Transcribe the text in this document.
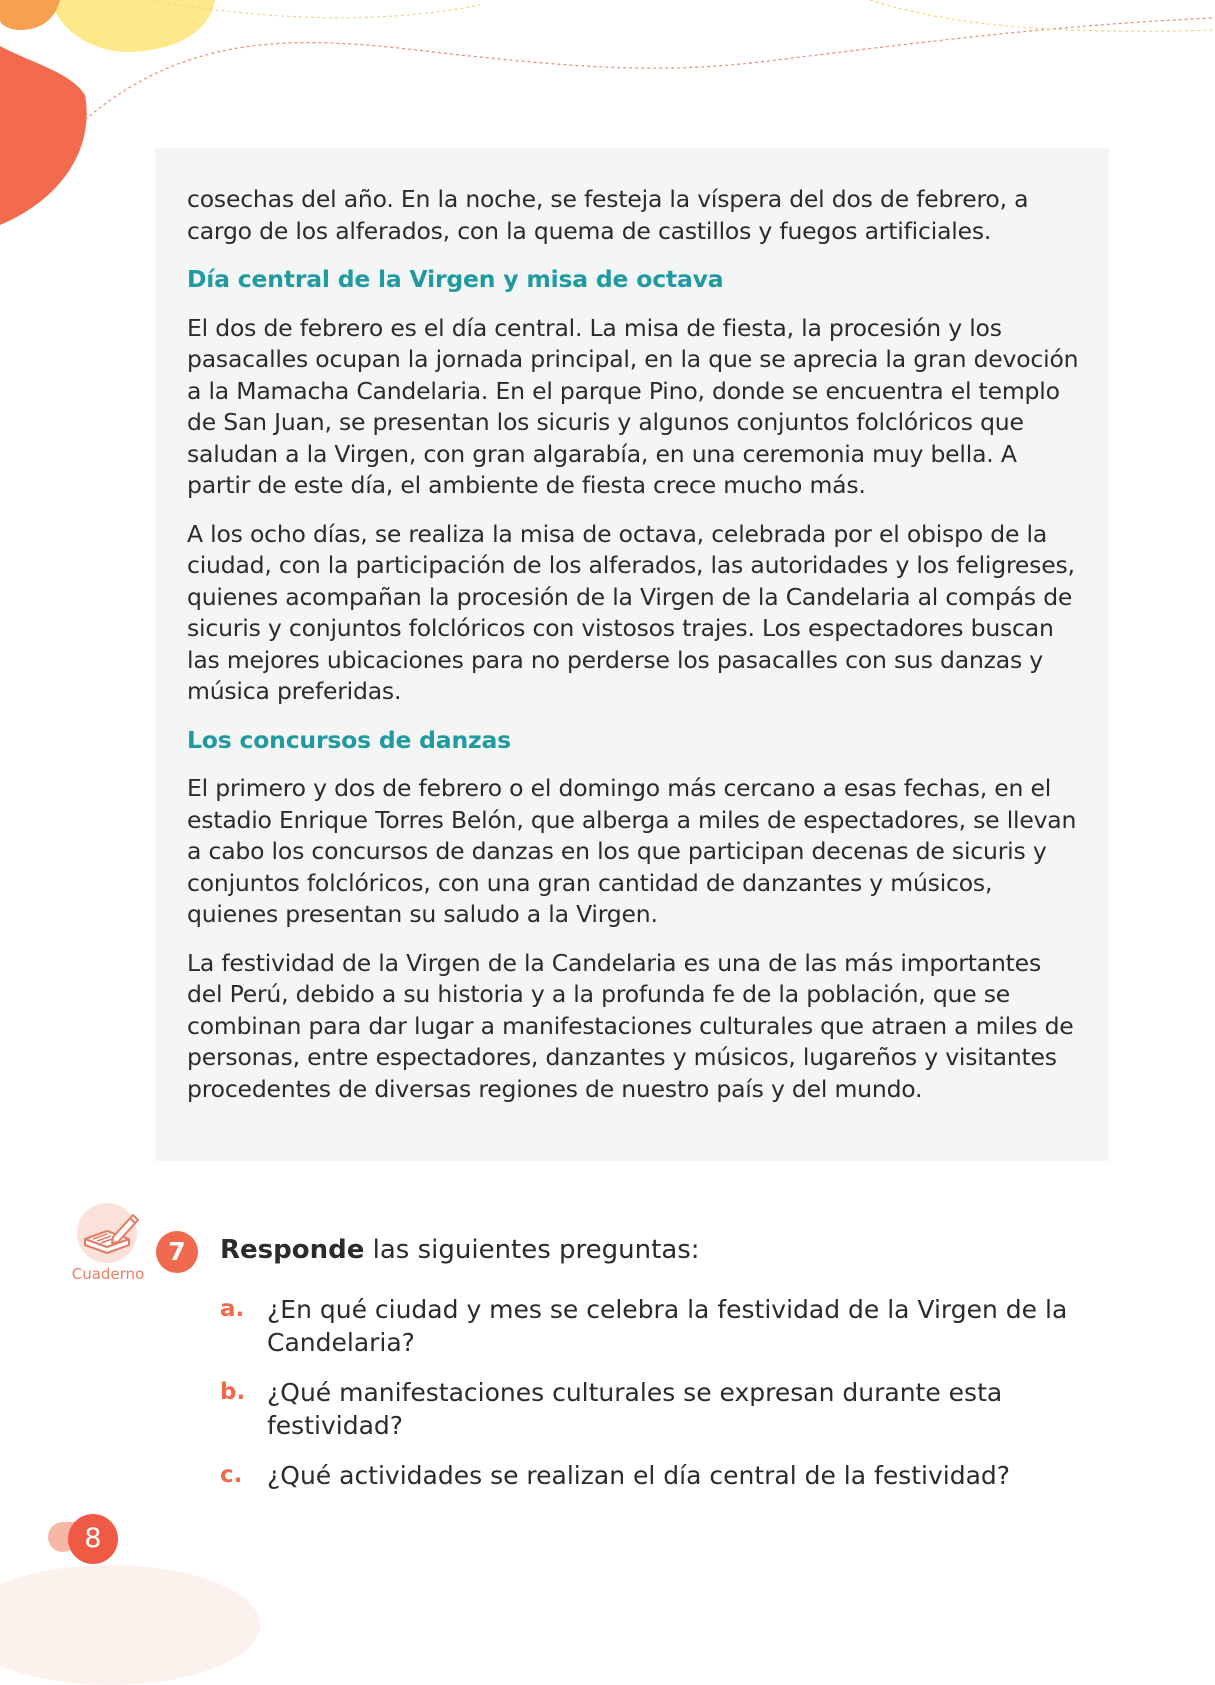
cosechas del año. En la noche, se festeja la víspera del dos de febrero, a cargo de los alferados, con la quema de castillos y fuegos artificiales.

Día central de la Virgen y misa de octava

El dos de febrero es el día central. La misa de fiesta, la procesión y los pasacalles ocupan la jornada principal, en la que se aprecia la gran devoción a la Mamacha Candelaria. En el parque Pino, donde se encuentra el templo de San Juan, se presentan los sicuris y algunos conjuntos folclóricos que saludan a la Virgen, con gran algarabía, en una ceremonia muy bella. A partir de este día, el ambiente de fiesta crece mucho más.

A los ocho días, se realiza la misa de octava, celebrada por el obispo de la ciudad, con la participación de los alferados, las autoridades y los feligreses, quienes acompañan la procesión de la Virgen de la Candelaria al compás de sicuris y conjuntos folclóricos con vistosos trajes. Los espectadores buscan las mejores ubicaciones para no perderse los pasacalles con sus danzas y música preferidas.

Los concursos de danzas

El primero y dos de febrero o el domingo más cercano a esas fechas, en el estadio Enrique Torres Belón, que alberga a miles de espectadores, se llevan a cabo los concursos de danzas en los que participan decenas de sicuris y conjuntos folclóricos, con una gran cantidad de danzantes y músicos, quienes presentan su saludo a la Virgen.

La festividad de la Virgen de la Candelaria es una de las más importantes del Perú, debido a su historia y a la profunda fe de la población, que se combinan para dar lugar a manifestaciones culturales que atraen a miles de personas, entre espectadores, danzantes y músicos, lugareños y visitantes procedentes de diversas regiones de nuestro país y del mundo.

Cuaderno
7	Responde las siguientes preguntas:
a. ¿En qué ciudad y mes se celebra la festividad de la Virgen de la Candelaria?
b. ¿Qué manifestaciones culturales se expresan durante esta festividad?
c. ¿Qué actividades se realizan el día central de la festividad?
8
